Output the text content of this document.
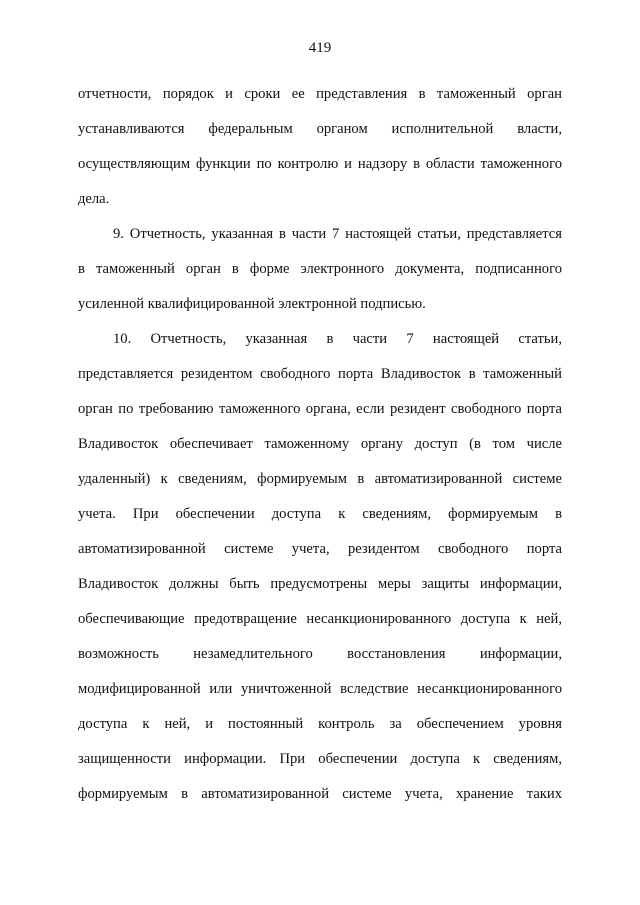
419
отчетности, порядок и сроки ее представления в таможенный орган
устанавливаются федеральным органом исполнительной власти,
осуществляющим функции по контролю и надзору в области таможенного
дела.
9. Отчетность, указанная в части 7 настоящей статьи, представляется
в таможенный орган в форме электронного документа, подписанного
усиленной квалифицированной электронной подписью.
10. Отчетность, указанная в части 7 настоящей статьи,
представляется резидентом свободного порта Владивосток в таможенный
орган по требованию таможенного органа, если резидент свободного порта
Владивосток обеспечивает таможенному органу доступ (в том числе
удаленный) к сведениям, формируемым в автоматизированной системе
учета. При обеспечении доступа к сведениям, формируемым в
автоматизированной системе учета, резидентом свободного порта
Владивосток должны быть предусмотрены меры защиты информации,
обеспечивающие предотвращение несанкционированного доступа к ней,
возможность незамедлительного восстановления информации,
модифицированной или уничтоженной вследствие несанкционированного
доступа к ней, и постоянный контроль за обеспечением уровня
защищенности информации. При обеспечении доступа к сведениям,
формируемым в автоматизированной системе учета, хранение таких
